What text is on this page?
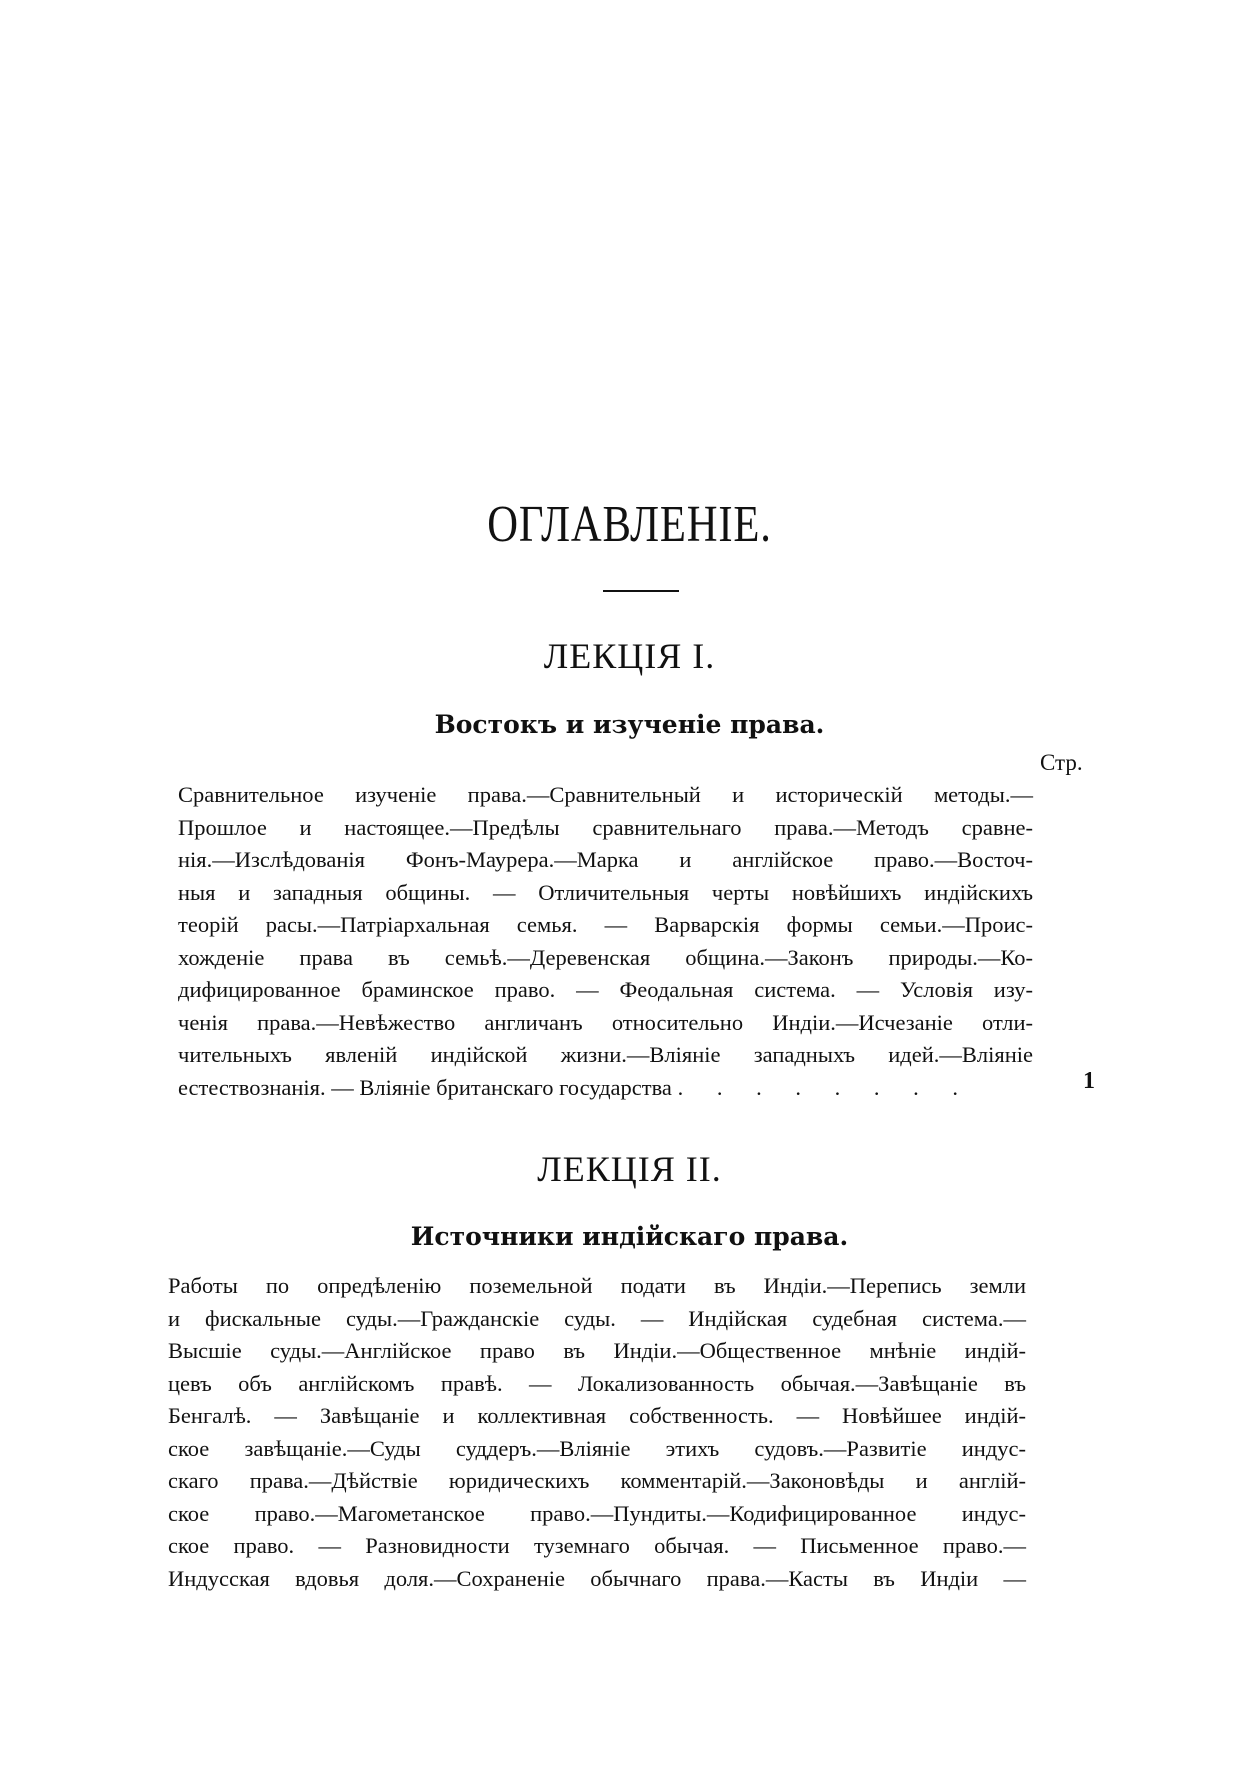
ОГЛАВЛЕНІЕ.
ЛЕКЦІЯ I.
Востокъ и изученіе права.
Стр.
Сравнительное изученіе права.—Сравнительный и историческій методы.—
Прошлое и настоящее.—Предѣлы сравнительнаго права.—Методъ сравне-
нія.—Изслѣдованія Фонъ-Маурера.—Марка и англійское право.—Восточ-
ныя и западныя общины. — Отличительныя черты новѣйшихъ индійскихъ
теорій расы.—Патріархальная семья. — Варварскія формы семьи.—Проис-
хожденіе права въ семьѣ.—Деревенская община.—Законъ природы.—Ко-
дифицированное браминское право. — Феодальная система. — Условія изу-
ченія права.—Невѣжество англичанъ относительно Индіи.—Исчезаніе отли-
чительныхъ явленій индійской жизни.—Вліяніе западныхъ идей.—Вліяніе
естествознанія. — Вліяніе британскаго государства . . . . . . . .	1
ЛЕКЦІЯ II.
Источники индійскаго права.
Работы по опредѣленію поземельной подати въ Индіи.—Перепись земли
и фискальные суды.—Гражданскіе суды. — Индійская судебная система.—
Высшіе суды.—Англійское право въ Индіи.—Общественное мнѣніе индій-
цевъ объ англійскомъ правѣ. — Локализованность обычая.—Завѣщаніе въ
Бенгалѣ. — Завѣщаніе и коллективная собственность. — Новѣйшее индій-
ское завѣщаніе.—Суды суддеръ.—Вліяніе этихъ судовъ.—Развитіе индус-
скаго права.—Дѣйствіе юридическихъ комментарій.—Законовѣды и англій-
ское право.—Магометанское право.—Пундиты.—Кодифицированное индус-
ское право. — Разновидности туземнаго обычая. — Письменное право.—
Индусская вдовья доля.—Сохраненіе обычнаго права.—Касты въ Индіи —
